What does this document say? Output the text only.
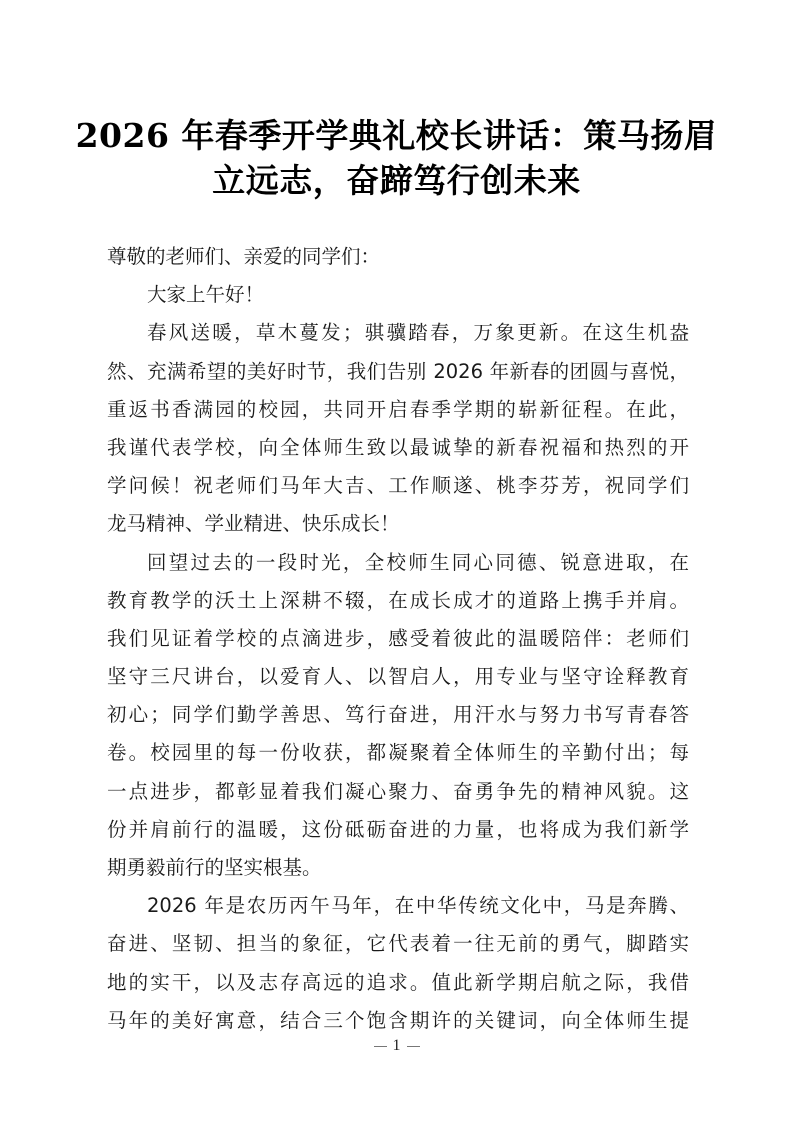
2026 年春季开学典礼校长讲话：策马扬眉
立远志，奋蹄笃行创未来
尊敬的老师们、亲爱的同学们：
大家上午好！
春风送暖，草木蔓发；骐骥踏春，万象更新。在这生机盎
然、充满希望的美好时节，我们告别 2026 年新春的团圆与喜悦，
重返书香满园的校园，共同开启春季学期的崭新征程。在此，
我谨代表学校，向全体师生致以最诚挚的新春祝福和热烈的开
学问候！祝老师们马年大吉、工作顺遂、桃李芬芳，祝同学们
龙马精神、学业精进、快乐成长！
回望过去的一段时光，全校师生同心同德、锐意进取，在
教育教学的沃土上深耕不辍，在成长成才的道路上携手并肩。
我们见证着学校的点滴进步，感受着彼此的温暖陪伴：老师们
坚守三尺讲台，以爱育人、以智启人，用专业与坚守诠释教育
初心；同学们勤学善思、笃行奋进，用汗水与努力书写青春答
卷。校园里的每一份收获，都凝聚着全体师生的辛勤付出；每
一点进步，都彰显着我们凝心聚力、奋勇争先的精神风貌。这
份并肩前行的温暖，这份砥砺奋进的力量，也将成为我们新学
期勇毅前行的坚实根基。
2026 年是农历丙午马年，在中华传统文化中，马是奔腾、
奋进、坚韧、担当的象征，它代表着一往无前的勇气，脚踏实
地的实干，以及志存高远的追求。值此新学期启航之际，我借
马年的美好寓意，结合三个饱含期许的关键词，向全体师生提
1
